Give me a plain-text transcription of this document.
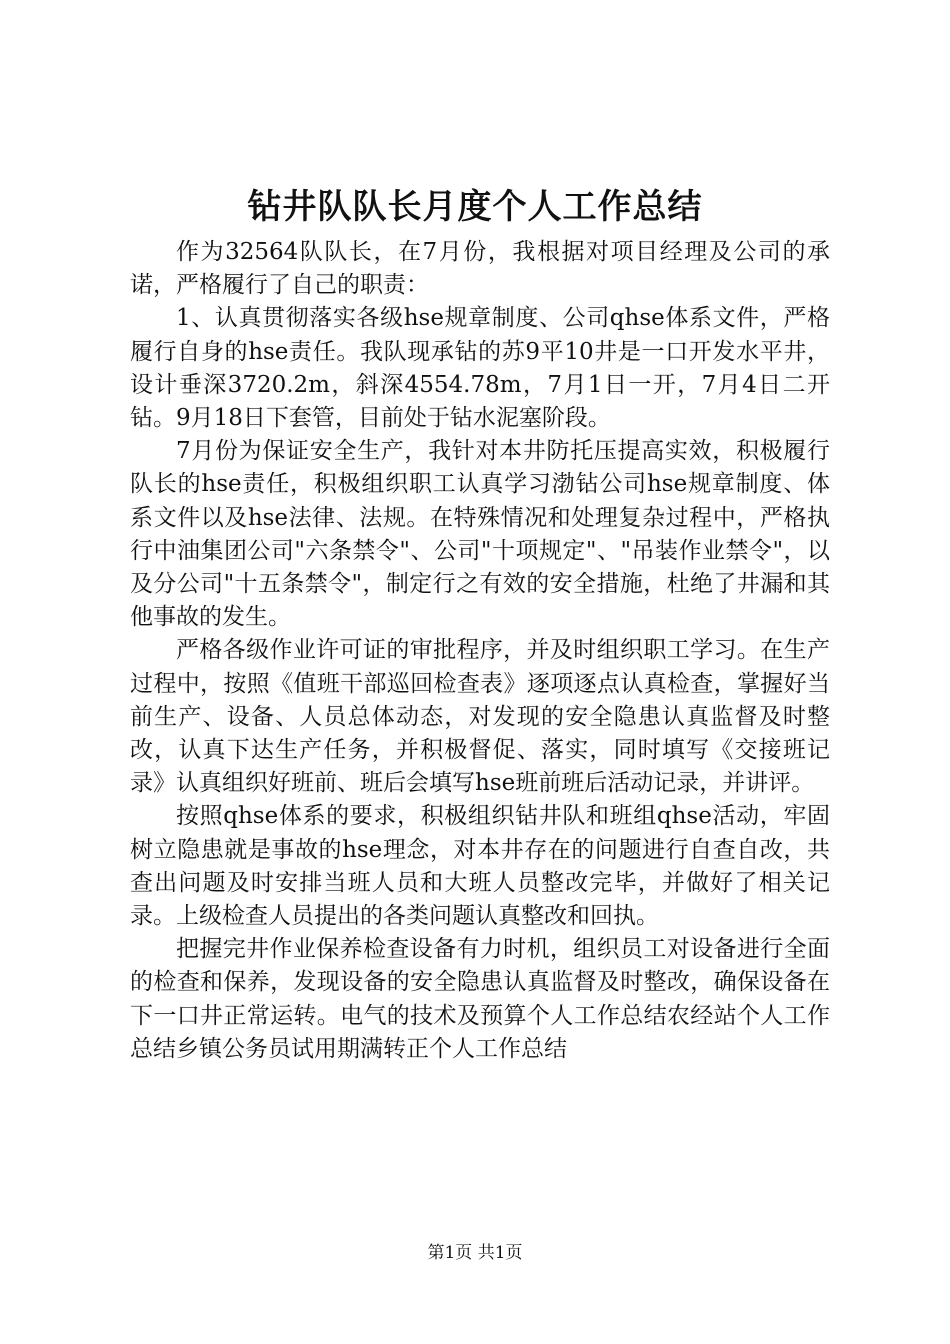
钻井队队长月度个人工作总结

作为32564队队长，在7月份，我根据对项目经理及公司的承诺，严格履行了自己的职责：

1、认真贯彻落实各级hse规章制度、公司qhse体系文件，严格履行自身的hse责任。我队现承钻的苏9平10井是一口开发水平井，设计垂深3720.2m，斜深4554.78m，7月1日一开，7月4日二开钻。9月18日下套管，目前处于钻水泥塞阶段。

7月份为保证安全生产，我针对本井防托压提高实效，积极履行队长的hse责任，积极组织职工认真学习渤钻公司hse规章制度、体系文件以及hse法律、法规。在特殊情况和处理复杂过程中，严格执行中油集团公司"六条禁令"、公司"十项规定"、"吊装作业禁令"，以及分公司"十五条禁令"，制定行之有效的安全措施，杜绝了井漏和其他事故的发生。

严格各级作业许可证的审批程序，并及时组织职工学习。在生产过程中，按照《值班干部巡回检查表》逐项逐点认真检查，掌握好当前生产、设备、人员总体动态，对发现的安全隐患认真监督及时整改，认真下达生产任务，并积极督促、落实，同时填写《交接班记录》认真组织好班前、班后会填写hse班前班后活动记录，并讲评。

按照qhse体系的要求，积极组织钻井队和班组qhse活动，牢固树立隐患就是事故的hse理念，对本井存在的问题进行自查自改，共查出问题及时安排当班人员和大班人员整改完毕，并做好了相关记录。上级检查人员提出的各类问题认真整改和回执。

把握完井作业保养检查设备有力时机，组织员工对设备进行全面的检查和保养，发现设备的安全隐患认真监督及时整改，确保设备在下一口井正常运转。电气的技术及预算个人工作总结农经站个人工作总结乡镇公务员试用期满转正个人工作总结

第1页 共1页
